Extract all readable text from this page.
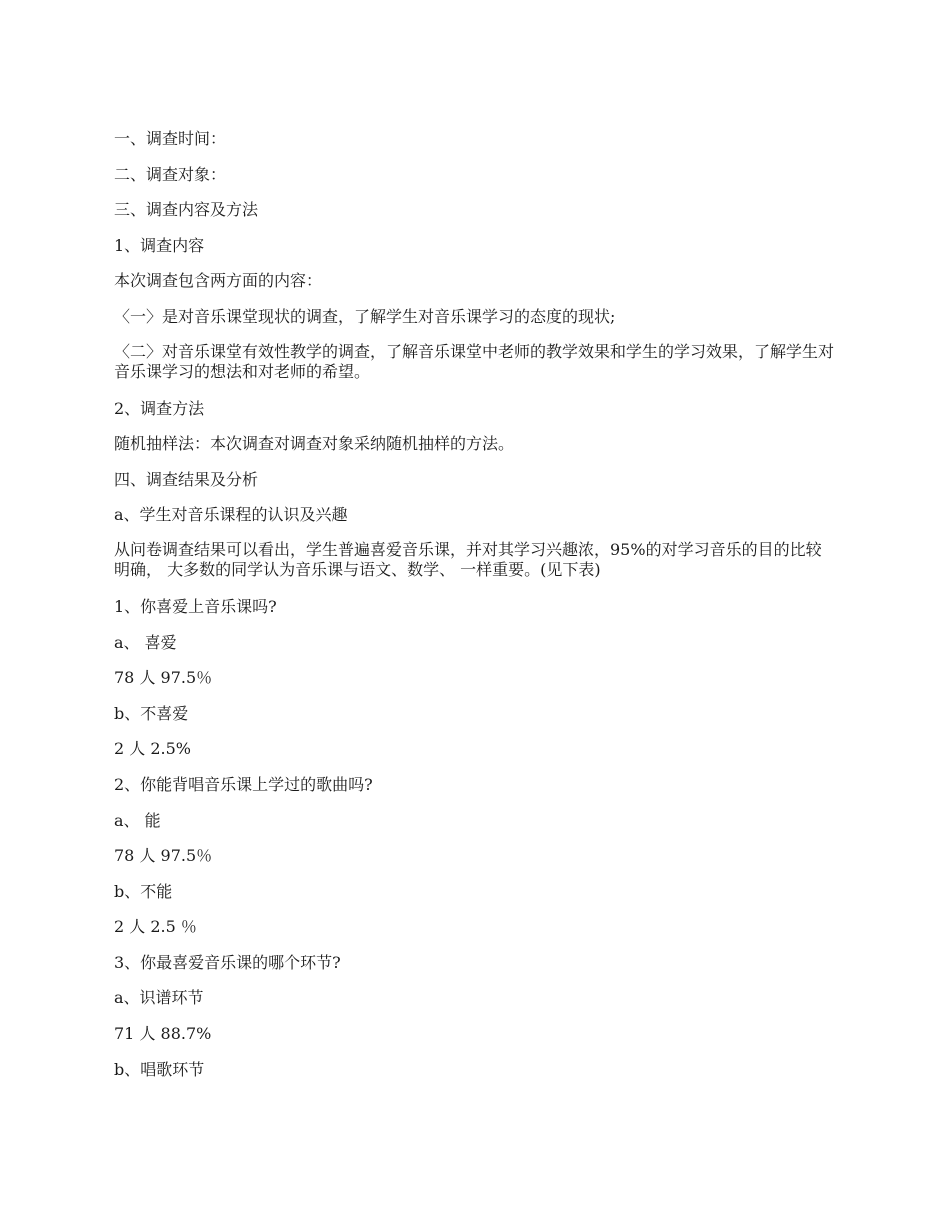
一、调查时间：

二、调查对象：

三、调查内容及方法

1、调查内容

本次调查包含两方面的内容：

〈一〉是对音乐课堂现状的调查，了解学生对音乐课学习的态度的现状;

〈二〉对音乐课堂有效性教学的调查，了解音乐课堂中老师的教学效果和学生的学习效果，了解学生对音乐课学习的想法和对老师的希望。

2、调查方法

随机抽样法：本次调查对调查对象采纳随机抽样的方法。

四、调查结果及分析

a、学生对音乐课程的认识及兴趣

从问卷调查结果可以看出，学生普遍喜爱音乐课，并对其学习兴趣浓，95%的对学习音乐的目的比较明确， 大多数的同学认为音乐课与语文、数学、 一样重要。(见下表)

1、你喜爱上音乐课吗?

a、 喜爱

78 人 97.5％

b、不喜爱

2 人 2.5%

2、你能背唱音乐课上学过的歌曲吗?

a、 能

78 人 97.5％

b、不能

2 人 2.5 ％

3、你最喜爱音乐课的哪个环节?

a、识谱环节

71 人 88.7%

b、唱歌环节
